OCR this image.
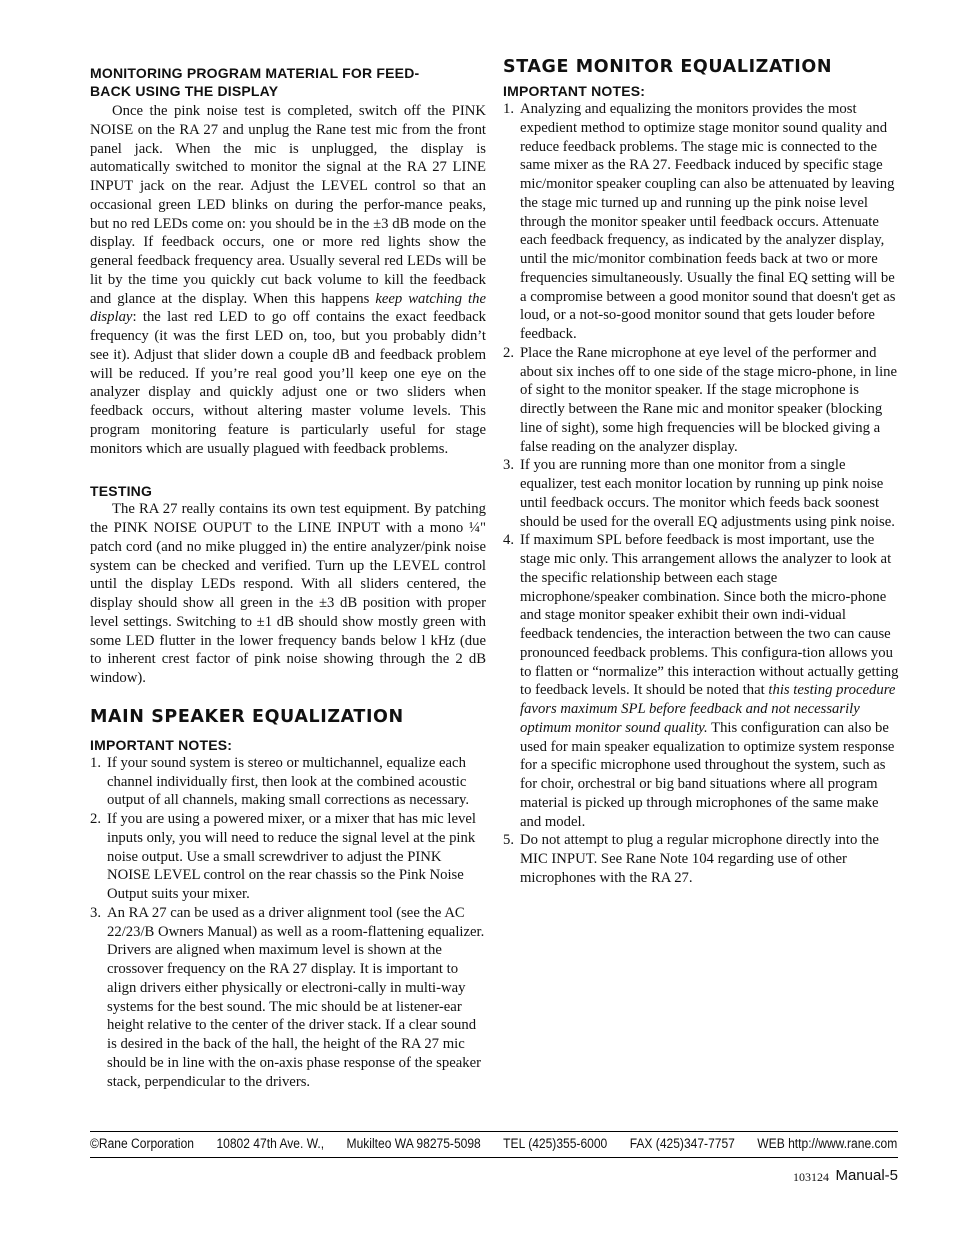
MONITORING PROGRAM MATERIAL FOR FEED-

BACK USING THE DISPLAY

Once the pink noise test is completed, switch off the PINK NOISE on the RA 27 and unplug the Rane test mic from the front panel jack. When the mic is unplugged, the display is automatically switched to monitor the signal at the RA 27 LINE INPUT jack on the rear. Adjust the LEVEL control so that an occasional green LED blinks on during the perfor-mance peaks, but no red LEDs come on: you should be in the ±3 dB mode on the display. If feedback occurs, one or more red lights show the general feedback frequency area. Usually several red LEDs will be lit by the time you quickly cut back volume to kill the feedback and glance at the display. When this happens keep watching the display: the last red LED to go off contains the exact feedback frequency (it was the first LED on, too, but you probably didn’t see it). Adjust that slider down a couple dB and feedback problem will be reduced. If you’re real good you’ll keep one eye on the analyzer display and quickly adjust one or two sliders when feedback occurs, without altering master volume levels. This program monitoring feature is particularly useful for stage monitors which are usually plagued with feedback problems.

TESTING

The RA 27 really contains its own test equipment. By patching the PINK NOISE OUPUT to the LINE INPUT with a mono ¼" patch cord (and no mike plugged in) the entire analyzer/pink noise system can be checked and verified. Turn up the LEVEL control until the display LEDs respond. With all sliders centered, the display should show all green in the ±3 dB position with proper level settings. Switching to ±1 dB should show mostly green with some LED flutter in the lower frequency bands below l kHz (due to inherent crest factor of pink noise showing through the 2 dB window).

MAIN SPEAKER EQUALIZATION

IMPORTANT NOTES:

1. If your sound system is stereo or multichannel, equalize each channel individually first, then look at the combined acoustic output of all channels, making small corrections as necessary.
2. If you are using a powered mixer, or a mixer that has mic level inputs only, you will need to reduce the signal level at the pink noise output. Use a small screwdriver to adjust the PINK NOISE LEVEL control on the rear chassis so the Pink Noise Output suits your mixer.
3. An RA 27 can be used as a driver alignment tool (see the AC 22/23/B Owners Manual) as well as a room-flattening equalizer. Drivers are aligned when maximum level is shown at the crossover frequency on the RA 27 display. It is important to align drivers either physically or electroni-cally in multi-way systems for the best sound. The mic should be at listener-ear height relative to the center of the driver stack. If a clear sound is desired in the back of the hall, the height of the RA 27 mic should be in line with the on-axis phase response of the speaker stack, perpendicular to the drivers.

STAGE MONITOR EQUALIZATION

IMPORTANT NOTES:

1. Analyzing and equalizing the monitors provides the most expedient method to optimize stage monitor sound quality and reduce feedback problems. The stage mic is connected to the same mixer as the RA 27. Feedback induced by specific stage mic/monitor speaker coupling can also be attenuated by leaving the stage mic turned up and running up the pink noise level through the monitor speaker until feedback occurs. Attenuate each feedback frequency, as indicated by the analyzer display, until the mic/monitor combination feeds back at two or more frequencies simultaneously. Usually the final EQ setting will be a compromise between a good monitor sound that doesn't get as loud, or a not-so-good monitor sound that gets louder before feedback.
2. Place the Rane microphone at eye level of the performer and about six inches off to one side of the stage micro-phone, in line of sight to the monitor speaker. If the stage microphone is directly between the Rane mic and monitor speaker (blocking line of sight), some high frequencies will be blocked giving a false reading on the analyzer display.
3. If you are running more than one monitor from a single equalizer, test each monitor location by running up pink noise until feedback occurs. The monitor which feeds back soonest should be used for the overall EQ adjustments using pink noise.
4. If maximum SPL before feedback is most important, use the stage mic only. This arrangement allows the analyzer to look at the specific relationship between each stage microphone/speaker combination. Since both the micro-phone and stage monitor speaker exhibit their own indi-vidual feedback tendencies, the interaction between the two can cause pronounced feedback problems. This configura-tion allows you to flatten or “normalize” this interaction without actually getting to feedback levels. It should be noted that this testing procedure favors maximum SPL before feedback and not necessarily optimum monitor sound quality. This configuration can also be used for main speaker equalization to optimize system response for a specific microphone used throughout the system, such as for choir, orchestral or big band situations where all program material is picked up through microphones of the same make and model.
5. Do not attempt to plug a regular microphone directly into the MIC INPUT. See Rane Note 104 regarding use of other microphones with the RA 27.
©Rane Corporation 10802 47th Ave. W., Mukilteo WA 98275-5098 TEL (425)355-6000 FAX (425)347-7757 WEB http://www.rane.com
103124 Manual-5
